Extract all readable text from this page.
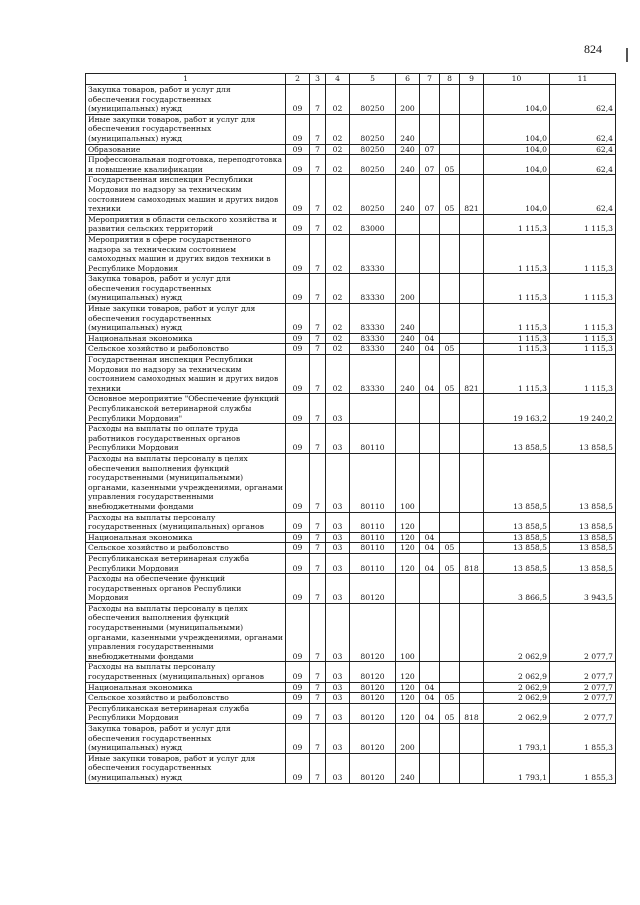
824
1	2	3	4	5	6	7	8	9	10	11
Закупка товаров, работ и услуг для обеспечения государственных (муниципальных) нужд	09	7	02	80250	200				104,0	62,4
Иные закупки товаров, работ и услуг для обеспечения государственных (муниципальных) нужд	09	7	02	80250	240				104,0	62,4
Образование	09	7	02	80250	240	07			104,0	62,4
Профессиональная подготовка, переподготовка и повышение квалификации	09	7	02	80250	240	07	05		104,0	62,4
Государственная инспекция Республики Мордовия по надзору за техническим состоянием самоходных машин и других видов техники	09	7	02	80250	240	07	05	821	104,0	62,4
Мероприятия в области сельского хозяйства и развития сельских территорий	09	7	02	83000					1 115,3	1 115,3
Мероприятия в сфере государственного надзора за техническим состоянием самоходных машин и других видов техники в Республике Мордовия	09	7	02	83330					1 115,3	1 115,3
Закупка товаров, работ и услуг для обеспечения государственных (муниципальных) нужд	09	7	02	83330	200				1 115,3	1 115,3
Иные закупки товаров, работ и услуг для обеспечения государственных (муниципальных) нужд	09	7	02	83330	240				1 115,3	1 115,3
Национальная экономика	09	7	02	83330	240	04			1 115,3	1 115,3
Сельское хозяйство и рыболовство	09	7	02	83330	240	04	05		1 115,3	1 115,3
Государственная инспекция Республики Мордовия по надзору за техническим состоянием самоходных машин и других видов техники	09	7	02	83330	240	04	05	821	1 115,3	1 115,3
Основное мероприятие "Обеспечение функций Республиканской ветеринарной службы Республики Мордовия"	09	7	03						19 163,2	19 240,2
Расходы на выплаты по оплате труда работников государственных органов Республики Мордовия	09	7	03	80110					13 858,5	13 858,5
Расходы на выплаты персоналу в целях обеспечения выполнения функций государственными (муниципальными) органами, казенными учреждениями, органами управления государственными внебюджетными фондами	09	7	03	80110	100				13 858,5	13 858,5
Расходы на выплаты персоналу государственных (муниципальных) органов	09	7	03	80110	120				13 858,5	13 858,5
Национальная экономика	09	7	03	80110	120	04			13 858,5	13 858,5
Сельское хозяйство и рыболовство	09	7	03	80110	120	04	05		13 858,5	13 858,5
Республиканская ветеринарная служба Республики Мордовия	09	7	03	80110	120	04	05	818	13 858,5	13 858,5
Расходы на обеспечение функций государственных органов Республики Мордовия	09	7	03	80120					3 866,5	3 943,5
Расходы на выплаты персоналу в целях обеспечения выполнения функций государственными (муниципальными) органами, казенными учреждениями, органами управления государственными внебюджетными фондами	09	7	03	80120	100				2 062,9	2 077,7
Расходы на выплаты персоналу государственных (муниципальных) органов	09	7	03	80120	120				2 062,9	2 077,7
Национальная экономика	09	7	03	80120	120	04			2 062,9	2 077,7
Сельское хозяйство и рыболовство	09	7	03	80120	120	04	05		2 062,9	2 077,7
Республиканская ветеринарная служба Республики Мордовия	09	7	03	80120	120	04	05	818	2 062,9	2 077,7
Закупка товаров, работ и услуг для обеспечения государственных (муниципальных) нужд	09	7	03	80120	200				1 793,1	1 855,3
Иные закупки товаров, работ и услуг для обеспечения государственных (муниципальных) нужд	09	7	03	80120	240				1 793,1	1 855,3
